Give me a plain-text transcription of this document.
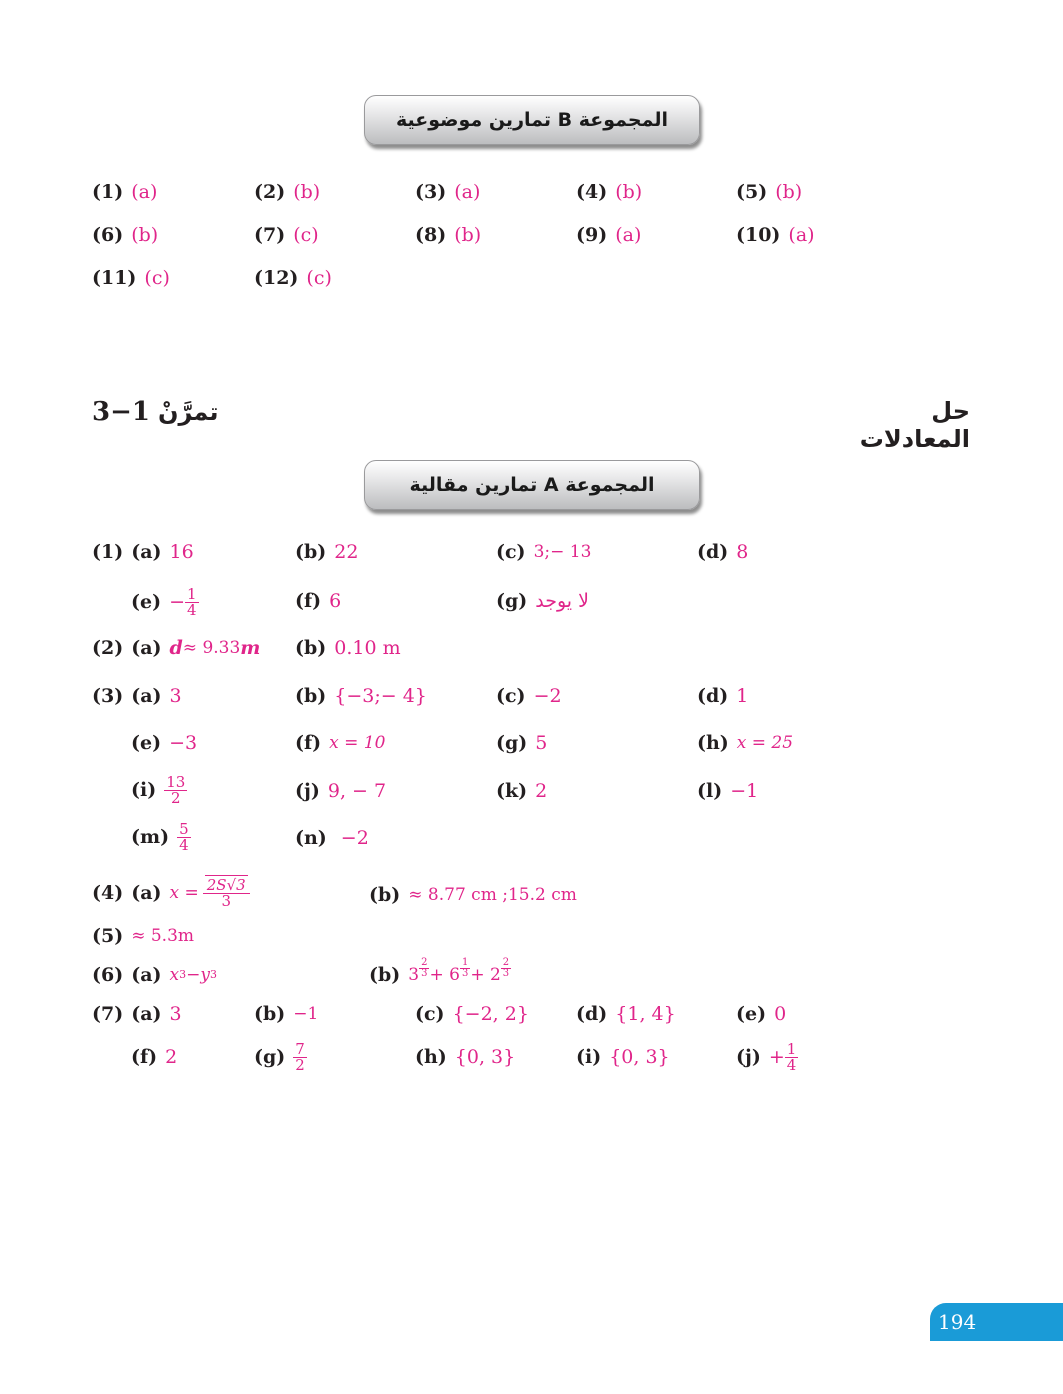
المجموعة B تمارين موضوعية
(1) (a)	(2) (b)	(3) (a)	(4) (b)	(5) (b)
(6) (b)	(7) (c)	(8) (b)	(9) (a)	(10) (a)
(11) (c)	(12) (c)
حل المعادلات
3−1 تمرَّنْ
المجموعة A تمارين مقالية
(1) (a) 16	(b) 22	(c) 3;− 13	(d) 8
$(e) - \frac{1}{4}$	(f) 6	(g) لا يوجد
(2) (a) d ≈ 9.33 m (b) 0.10 m
(3) (a) 3	(b) {−3;− 4}	(c) −2	(d) 1
(e) −3	(f) x = 10	(g) 5	(h) x = 25
$(i) \frac{13}{2}$	(j) 9, − 7	(k) 2	(l) −1
$(m) \frac{5}{4}$	(n) −2
(4) (a) $x = \frac{2S√3}{3}$	(b) ≈ 8.77 cm ;15.2 cm
(5) ≈ 5.3m
(6) (a) x 3 − y 3	(b) $3 \frac{2}{3} + 6 \frac{1}{3} + 2 \frac{2}{3}$
(7) (a) 3	(b) −1	(c) {−2, 2} (d) {1, 4}	(e) 0
(f) 2	$(g) \frac{7}{2}$	(h) {0, 3}	(i) {0, 3}	$(j) + \frac{1}{4}$
194
